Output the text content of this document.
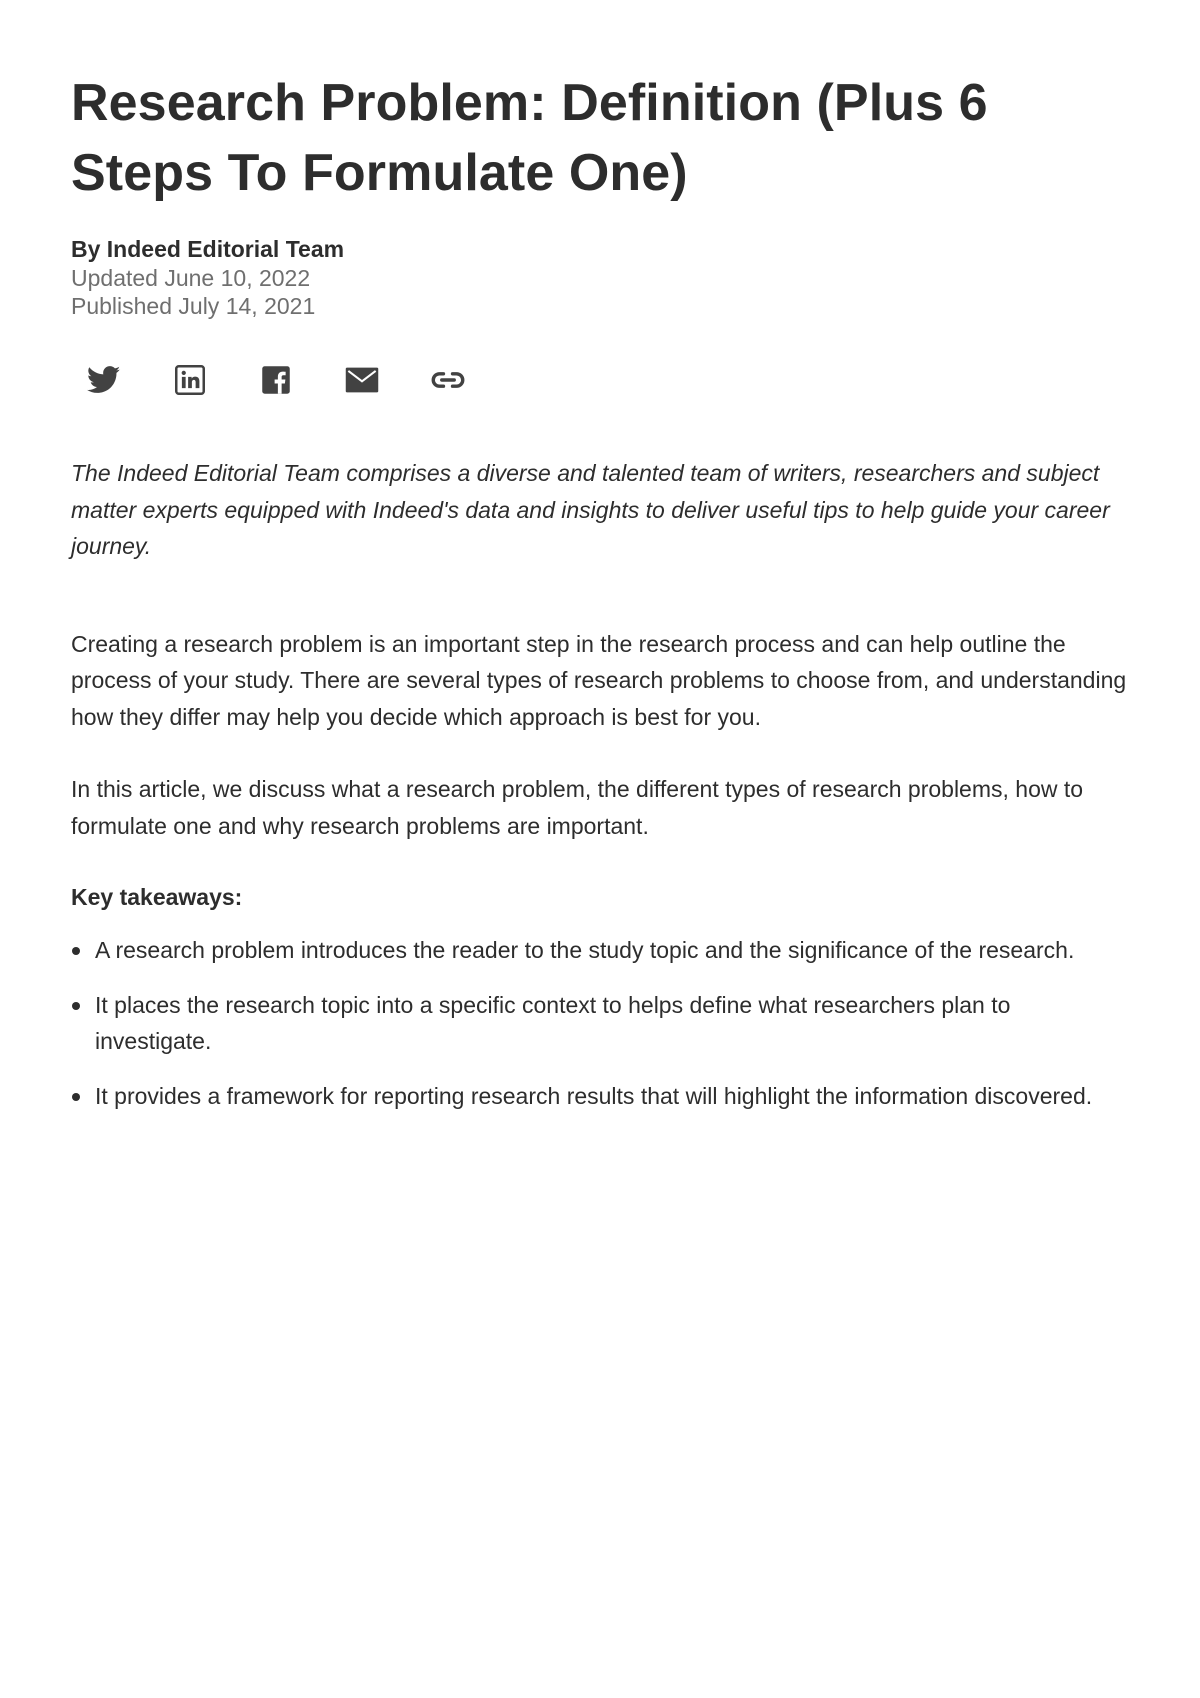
Research Problem: Definition (Plus 6 Steps To Formulate One)
By Indeed Editorial Team
Updated June 10, 2022
Published July 14, 2021

The Indeed Editorial Team comprises a diverse and talented team of writers, researchers and subject matter experts equipped with Indeed's data and insights to deliver useful tips to help guide your career journey.

Creating a research problem is an important step in the research process and can help outline the process of your study. There are several types of research problems to choose from, and understanding how they differ may help you decide which approach is best for you.

In this article, we discuss what a research problem, the different types of research problems, how to formulate one and why research problems are important.

Key takeaways:
A research problem introduces the reader to the study topic and the significance of the research.
It places the research topic into a specific context to helps define what researchers plan to investigate.
It provides a framework for reporting research results that will highlight the information discovered.
